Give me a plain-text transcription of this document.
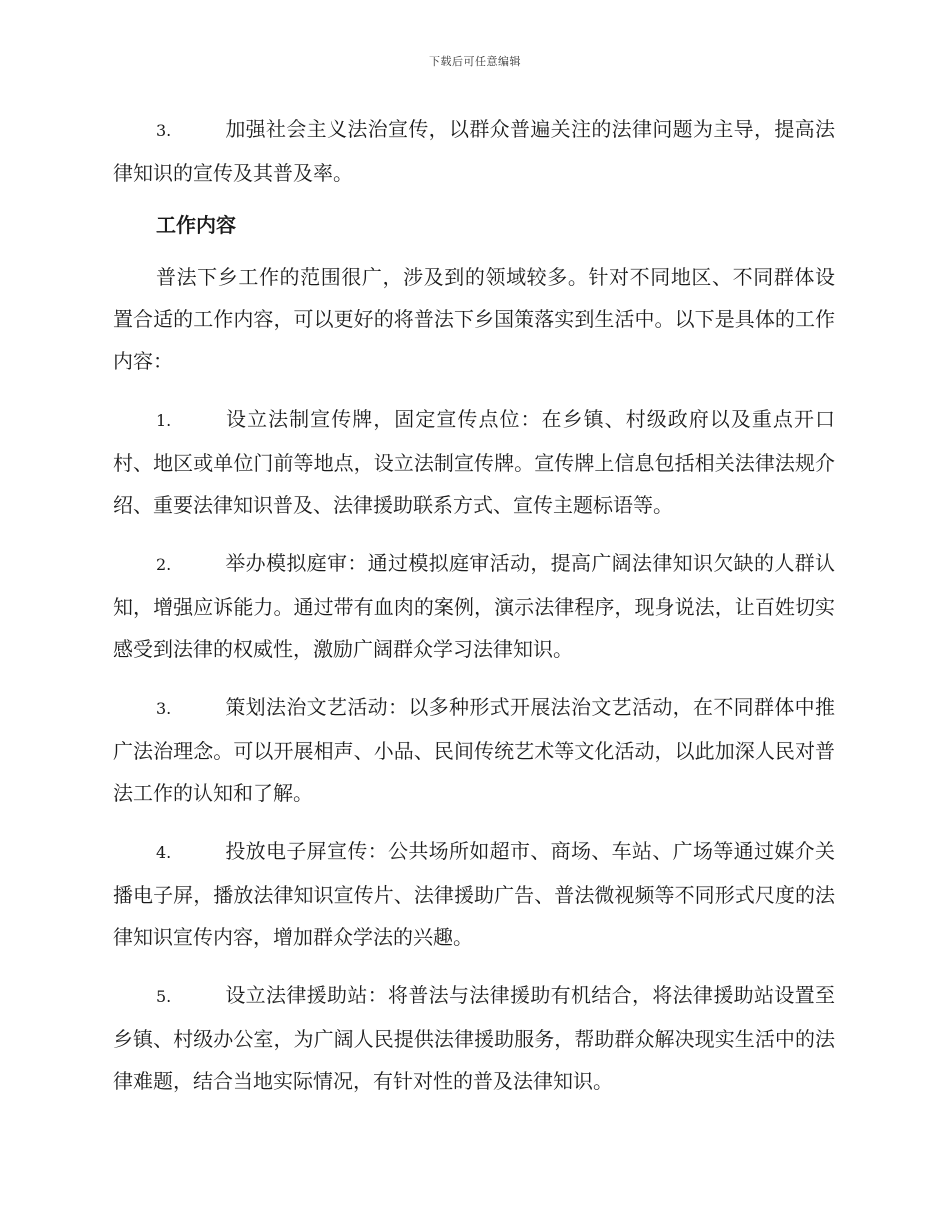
下载后可任意编辑

3.	加强社会主义法治宣传，以群众普遍关注的法律问题为主导，提高法律知识的宣传及其普及率。

工作内容

普法下乡工作的范围很广，涉及到的领域较多。针对不同地区、不同群体设置合适的工作内容，可以更好的将普法下乡国策落实到生活中。以下是具体的工作内容：

1.	设立法制宣传牌，固定宣传点位：在乡镇、村级政府以及重点开口村、地区或单位门前等地点，设立法制宣传牌。宣传牌上信息包括相关法律法规介绍、重要法律知识普及、法律援助联系方式、宣传主题标语等。

2.	举办模拟庭审：通过模拟庭审活动，提高广阔法律知识欠缺的人群认知，增强应诉能力。通过带有血肉的案例，演示法律程序，现身说法，让百姓切实感受到法律的权威性，激励广阔群众学习法律知识。

3.	策划法治文艺活动：以多种形式开展法治文艺活动，在不同群体中推广法治理念。可以开展相声、小品、民间传统艺术等文化活动，以此加深人民对普法工作的认知和了解。

4.	投放电子屏宣传：公共场所如超市、商场、车站、广场等通过媒介关播电子屏，播放法律知识宣传片、法律援助广告、普法微视频等不同形式尺度的法律知识宣传内容，增加群众学法的兴趣。

5.	设立法律援助站：将普法与法律援助有机结合，将法律援助站设置至乡镇、村级办公室，为广阔人民提供法律援助服务，帮助群众解决现实生活中的法律难题，结合当地实际情况，有针对性的普及法律知识。
